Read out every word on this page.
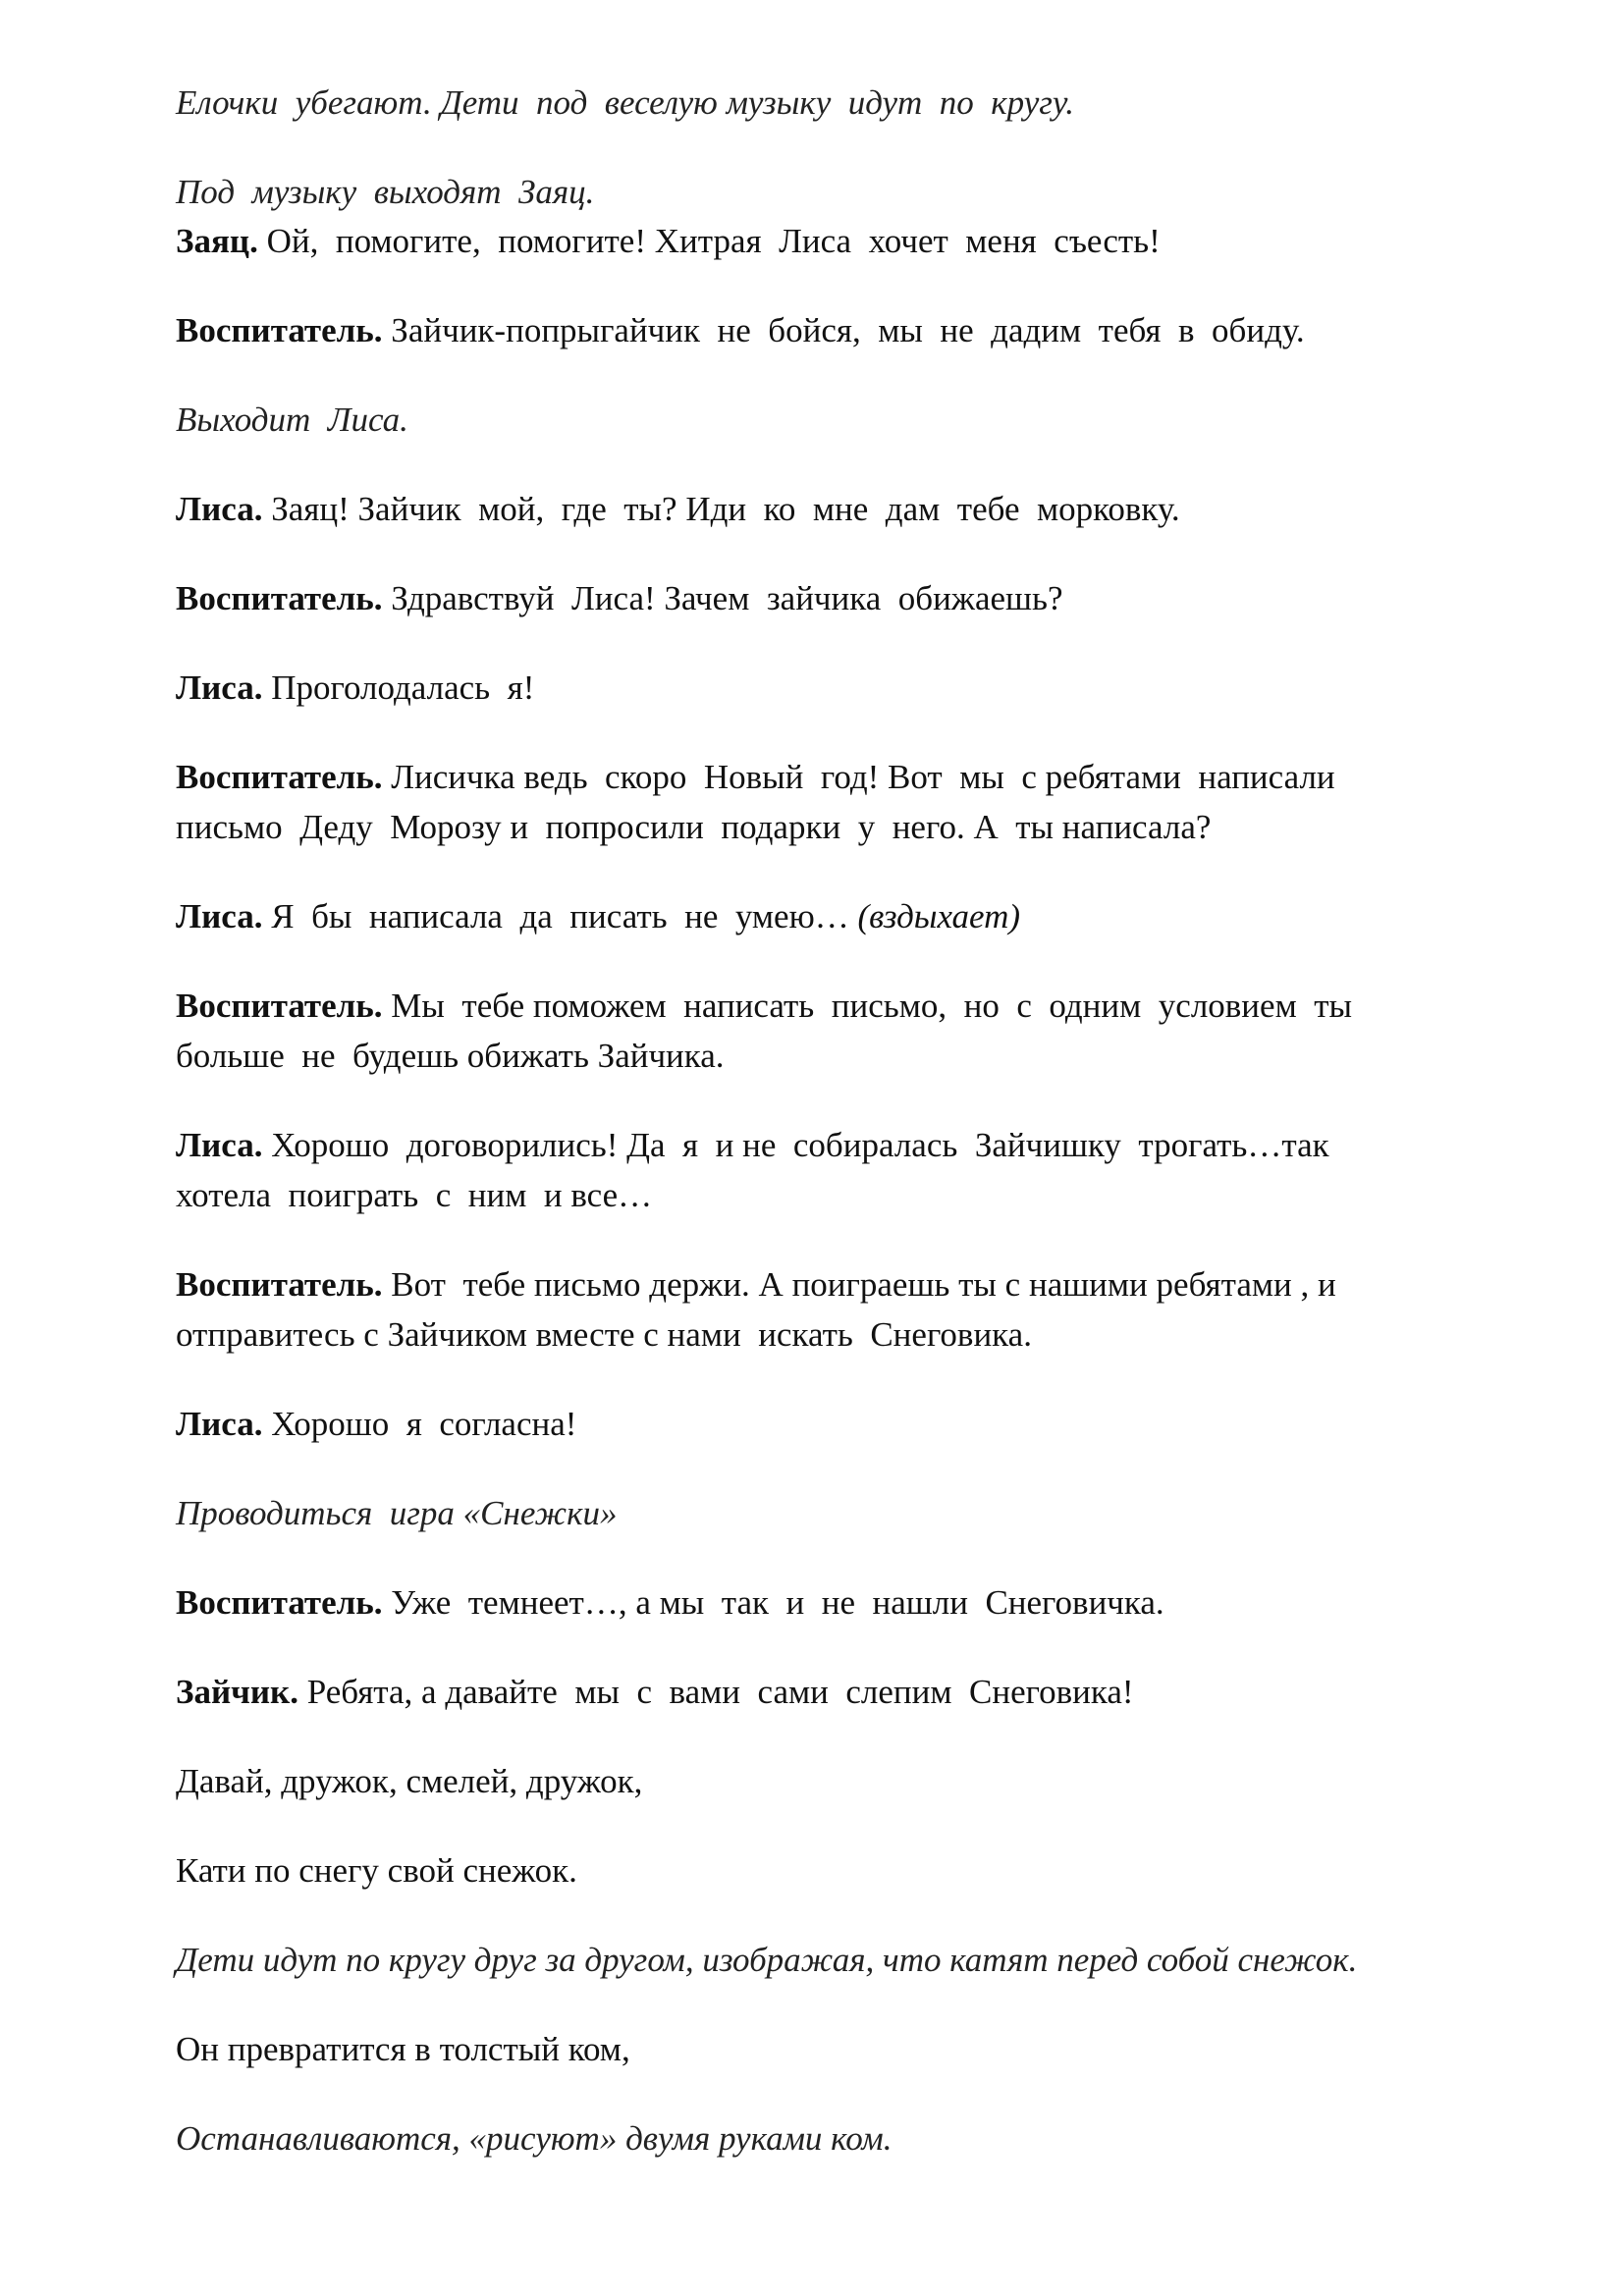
Елочки  убегают. Дети  под  веселую музыку  идут  по  кругу.

Под  музыку  выходят  Заяц.

Заяц. Ой,  помогите,  помогите! Хитрая  Лиса  хочет  меня  съесть!

Воспитатель. Зайчик-попрыгайчик  не  бойся,  мы  не  дадим  тебя  в  обиду.

Выходит  Лиса.

Лиса. Заяц! Зайчик  мой,  где  ты? Иди  ко  мне  дам  тебе  морковку.

Воспитатель. Здравствуй  Лиса! Зачем  зайчика  обижаешь?

Лиса. Проголодалась  я!

Воспитатель. Лисичка ведь  скоро  Новый  год! Вот  мы  с ребятами  написали

письмо  Деду  Морозу и  попросили  подарки  у  него. А  ты написала?

Лиса. Я  бы  написала  да  писать  не  умею… (вздыхает)

Воспитатель. Мы  тебе поможем  написать  письмо,  но  с  одним  условием  ты

больше  не  будешь обижать Зайчика.

Лиса. Хорошо  договорились! Да  я  и не  собиралась  Зайчишку  трогать…так

хотела  поиграть  с  ним  и все…

Воспитатель. Вот  тебе письмо держи. А поиграешь ты с нашими ребятами , и

отправитесь с Зайчиком вместе с нами  искать  Снеговика.

Лиса. Хорошо  я  согласна!

Проводиться  игра «Снежки»

Воспитатель. Уже  темнеет…, а мы  так  и  не  нашли  Снеговичка.

Зайчик. Ребята, а давайте  мы  с  вами  сами  слепим  Снеговика!

Давай, дружок, смелей, дружок,

Кати по снегу свой снежок.

Дети идут по кругу друг за другом, изображая, что катят перед собой снежок.

Он превратится в толстый ком,

Останавливаются, «рисуют» двумя руками ком.
